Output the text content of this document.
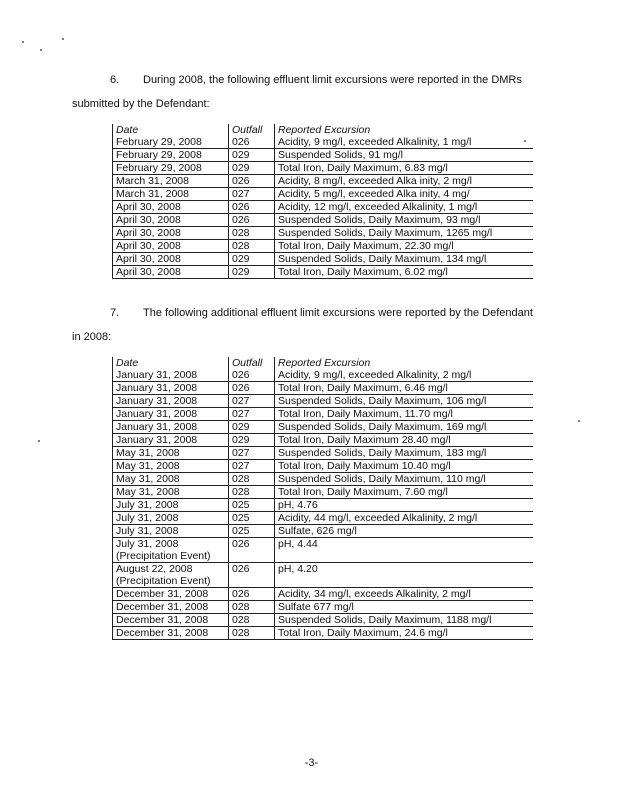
6. During 2008, the following effluent limit excursions were reported in the DMRs
submitted by the Defendant:
Date	Outfall	Reported Excursion
February 29, 2008	026	Acidity, 9 mg/l, exceeded Alkalinity, 1 mg/l
February 29, 2008	029	Suspended Solids, 91 mg/l
February 29, 2008	029	Total Iron, Daily Maximum, 6.83 mg/l
March 31, 2008	026	Acidity, 8 mg/l, exceeded Alka inity, 2 mg/l
March 31, 2008	027	Acidity, 5 mg/l, exceeded Alka inity, 4 mg/
April 30, 2008	026	Acidity, 12 mg/l, exceeded Alkalinity, 1 mg/l
April 30, 2008	026	Suspended Solids, Daily Maximum, 93 mg/l
April 30, 2008	028	Suspended Solids, Daily Maximum, 1265 mg/l
April 30, 2008	028	Total Iron, Daily Maximum, 22.30 mg/l
April 30, 2008	029	Suspended Solids, Daily Maximum, 134 mg/l
April 30, 2008	029	Total Iron, Daily Maximum, 6.02 mg/l
7. The following additional effluent limit excursions were reported by the Defendant
in 2008:
Date	Outfall	Reported Excursion
January 31, 2008	026	Acidity, 9 mg/l, exceeded Alkalinity, 2 mg/l
January 31, 2008	026	Total Iron, Daily Maximum, 6.46 mg/l
January 31, 2008	027	Suspended Solids, Daily Maximum, 106 mg/l
January 31, 2008	027	Total Iron, Daily Maximum, 11.70 mg/l
January 31, 2008	029	Suspended Solids, Daily Maximum, 169 mg/l
January 31, 2008	029	Total Iron, Daily Maximum 28.40 mg/l
May 31, 2008	027	Suspended Solids, Daily Maximum, 183 mg/l
May 31, 2008	027	Total Iron, Daily Maximum 10.40 mg/l
May 31, 2008	028	Suspended Solids, Daily Maximum, 110 mg/l
May 31, 2008	028	Total Iron, Daily Maximum, 7.60 mg/l
July 31, 2008	025	pH, 4.76
July 31, 2008	025	Acidity, 44 mg/l, exceeded Alkalinity, 2 mg/l
July 31, 2008	025	Sulfate, 626 mg/l
July 31, 2008	026	pH, 4.44
(Precipitation Event)		
August 22, 2008	026	pH, 4.20
(Precipitation Event)		
December 31, 2008	026	Acidity, 34 mg/l, exceeds Alkalinity, 2 mg/l
December 31, 2008	028	Sulfate 677 mg/l
December 31, 2008	028	Suspended Solids, Daily Maximum, 1188 mg/l
December 31, 2008	028	Total Iron, Daily Maximum, 24.6 mg/l
-3-
